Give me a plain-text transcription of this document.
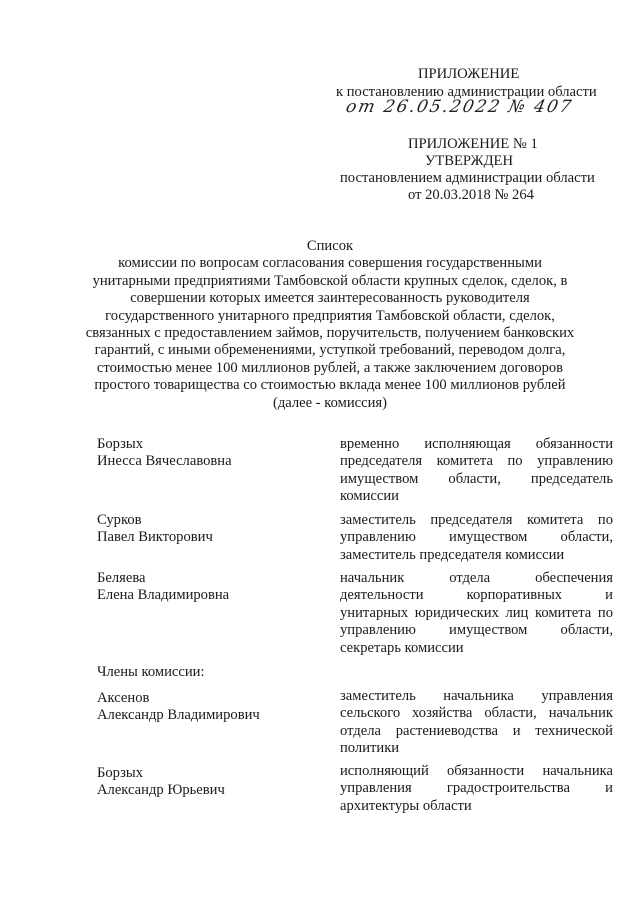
ПРИЛОЖЕНИЕ
к постановлению администрации области
от 26.05.2022 № 407
ПРИЛОЖЕНИЕ № 1
УТВЕРЖДЕН
постановлением администрации области
от 20.03.2018 № 264
Список
комиссии по вопросам согласования совершения государственными
унитарными предприятиями Тамбовской области крупных сделок, сделок, в
совершении которых имеется заинтересованность руководителя
государственного унитарного предприятия Тамбовской области, сделок,
связанных с предоставлением займов, поручительств, получением банковских
гарантий, с иными обременениями, уступкой требований, переводом долга,
стоимостью менее 100 миллионов рублей, а также заключением договоров
простого товарищества со стоимостью вклада менее 100 миллионов рублей
(далее - комиссия)
Борзых
Инесса Вячеславовна
временно исполняющая обязанности
председателя комитета по управлению
имуществом области, председатель
комиссии
Сурков
Павел Викторович
заместитель председателя комитета по
управлению имуществом области,
заместитель председателя комиссии
Беляева
Елена Владимировна
начальник отдела обеспечения
деятельности корпоративных и
унитарных юридических лиц комитета по
управлению имуществом области,
секретарь комиссии
Члены комиссии:
Аксенов
Александр Владимирович
заместитель начальника управления
сельского хозяйства области, начальник
отдела растениеводства и технической
политики
Борзых
Александр Юрьевич
исполняющий обязанности начальника
управления градостроительства и
архитектуры области
